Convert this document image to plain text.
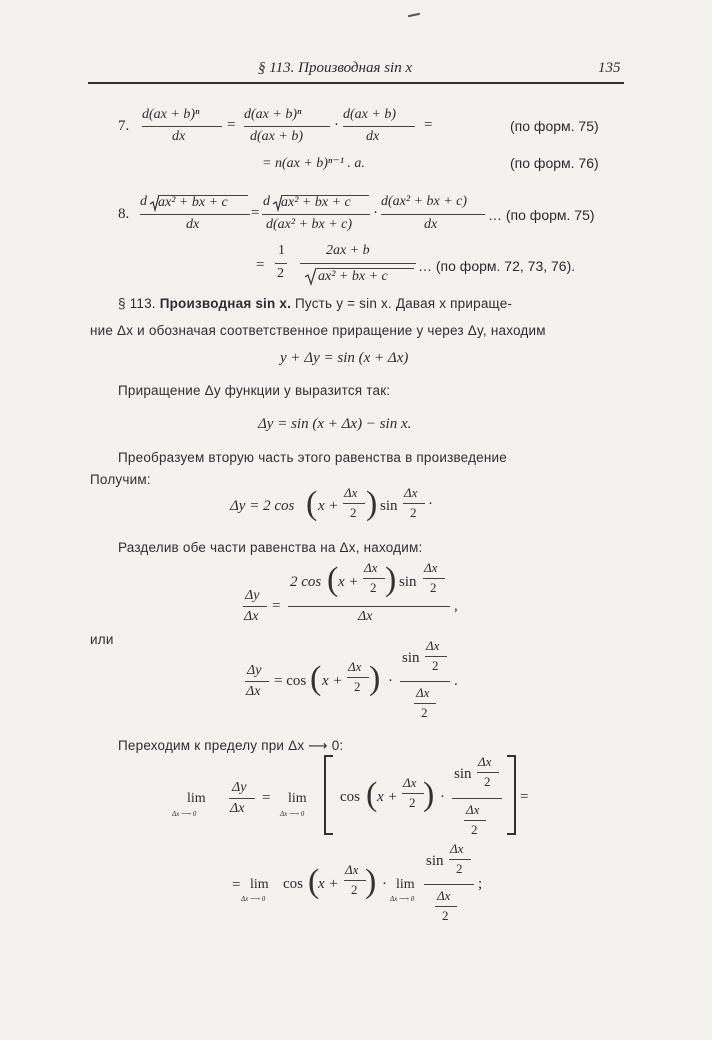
§ 113. Производная sin x	135
7.
d(ax + b)ⁿ
dx
=
d(ax + b)ⁿ
d(ax + b)
·
d(ax + b)
dx
=	(по форм. 75)
= n(ax + b)ⁿ⁻¹ . a.	(по форм. 76)
8.
d ax² + bx + c
dx
=
d ax² + bx + c
d(ax² + bx + c)
·
d(ax² + bx + c)
dx
… (по форм. 75)
=
1
2
2ax + b
ax² + bx + c
… (по форм. 72, 73, 76).
§ 113. Производная sin x. Пусть y = sin x. Давая x прираще-
ние Δx и обозначая соответственное приращение y через Δy, находим
y + Δy = sin (x + Δx)
Приращение Δy функции y выразится так:
Δy = sin (x + Δx) − sin x.
Преобразуем вторую часть этого равенства в произведение
Получим:
Δy = 2 cos ( x +
Δx
2 ) sin
Δx
2
·
Разделив обе части равенства на Δx, находим:
Δy
Δx
=
2 cos ( x +
Δx
2 ) sin
Δx
2
Δx
,
или
Δy
Δx
= cos ( x +
Δx
2 ) ·
sin
Δx
2
Δx
2
.
Переходим к пределу при Δx ⟶ 0:
lim
Δx ⟶ 0
Δy
Δx
= lim
Δx ⟶ 0
cos ( x +
Δx
2 ) ·
sin
Δx
2
Δx
2
=
= lim
Δx ⟶ 0
cos (
x +
Δx
2 ) · lim
Δx ⟶ 0
sin
Δx
2
Δx
2
;
